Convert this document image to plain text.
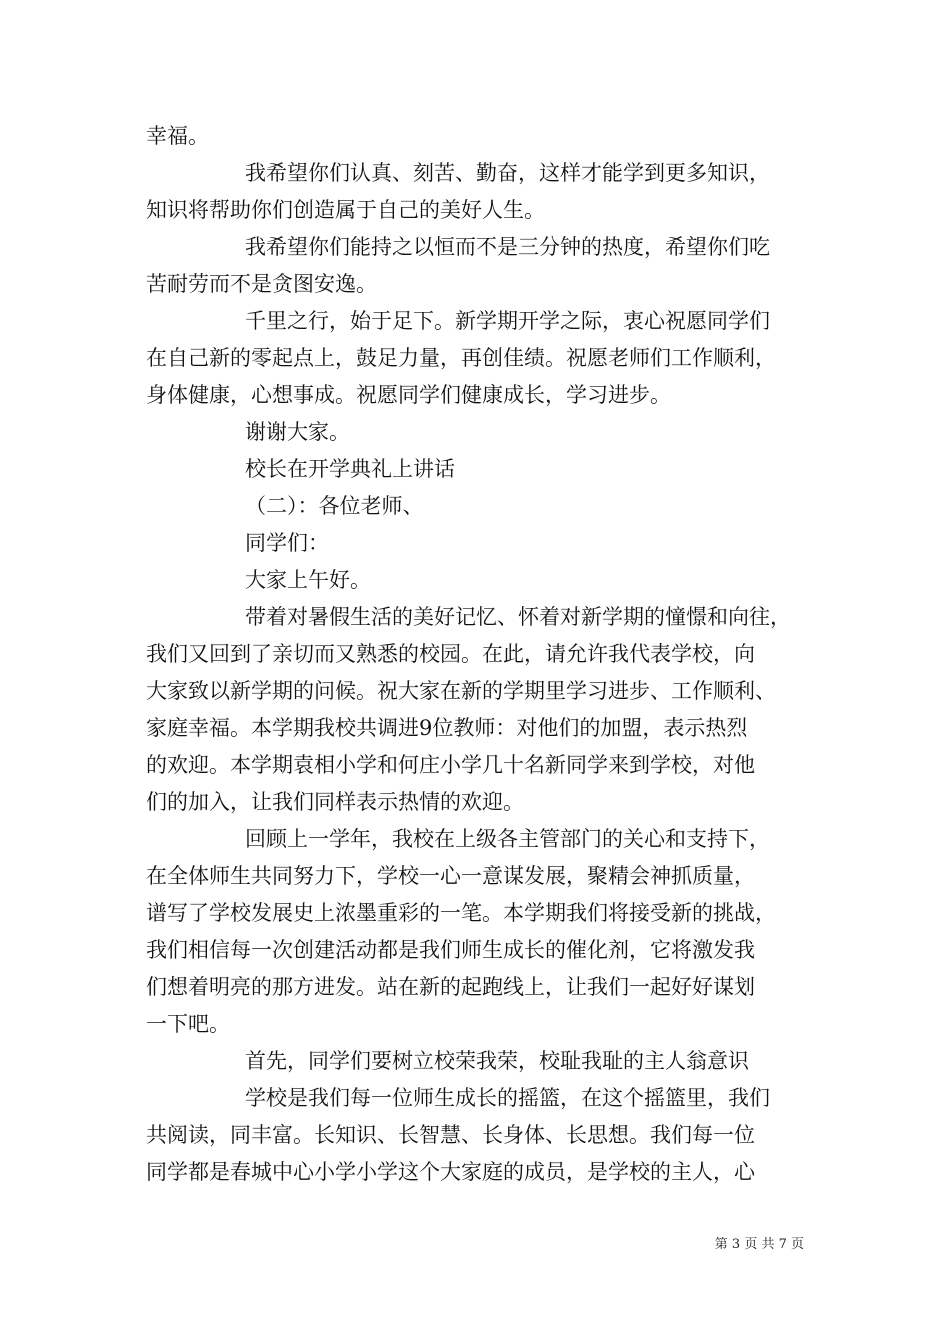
幸福。
我希望你们认真、刻苦、勤奋，这样才能学到更多知识，
知识将帮助你们创造属于自己的美好人生。
我希望你们能持之以恒而不是三分钟的热度，希望你们吃
苦耐劳而不是贪图安逸。
千里之行，始于足下。新学期开学之际，衷心祝愿同学们
在自己新的零起点上，鼓足力量，再创佳绩。祝愿老师们工作顺利，
身体健康，心想事成。祝愿同学们健康成长，学习进步。
谢谢大家。
校长在开学典礼上讲话
（二）：各位老师、
同学们：
大家上午好。
带着对暑假生活的美好记忆、怀着对新学期的憧憬和向往，
我们又回到了亲切而又熟悉的校园。在此，请允许我代表学校，向
大家致以新学期的问候。祝大家在新的学期里学习进步、工作顺利、
家庭幸福。本学期我校共调进9位教师：对他们的加盟，表示热烈
的欢迎。本学期袁相小学和何庄小学几十名新同学来到学校，对他
们的加入，让我们同样表示热情的欢迎。
回顾上一学年，我校在上级各主管部门的关心和支持下，
在全体师生共同努力下，学校一心一意谋发展，聚精会神抓质量，
谱写了学校发展史上浓墨重彩的一笔。本学期我们将接受新的挑战，
我们相信每一次创建活动都是我们师生成长的催化剂，它将激发我
们想着明亮的那方进发。站在新的起跑线上，让我们一起好好谋划
一下吧。
首先，同学们要树立校荣我荣，校耻我耻的主人翁意识
学校是我们每一位师生成长的摇篮，在这个摇篮里，我们
共阅读，同丰富。长知识、长智慧、长身体、长思想。我们每一位
同学都是春城中心小学小学这个大家庭的成员，是学校的主人，心
第 3 页 共 7 页
